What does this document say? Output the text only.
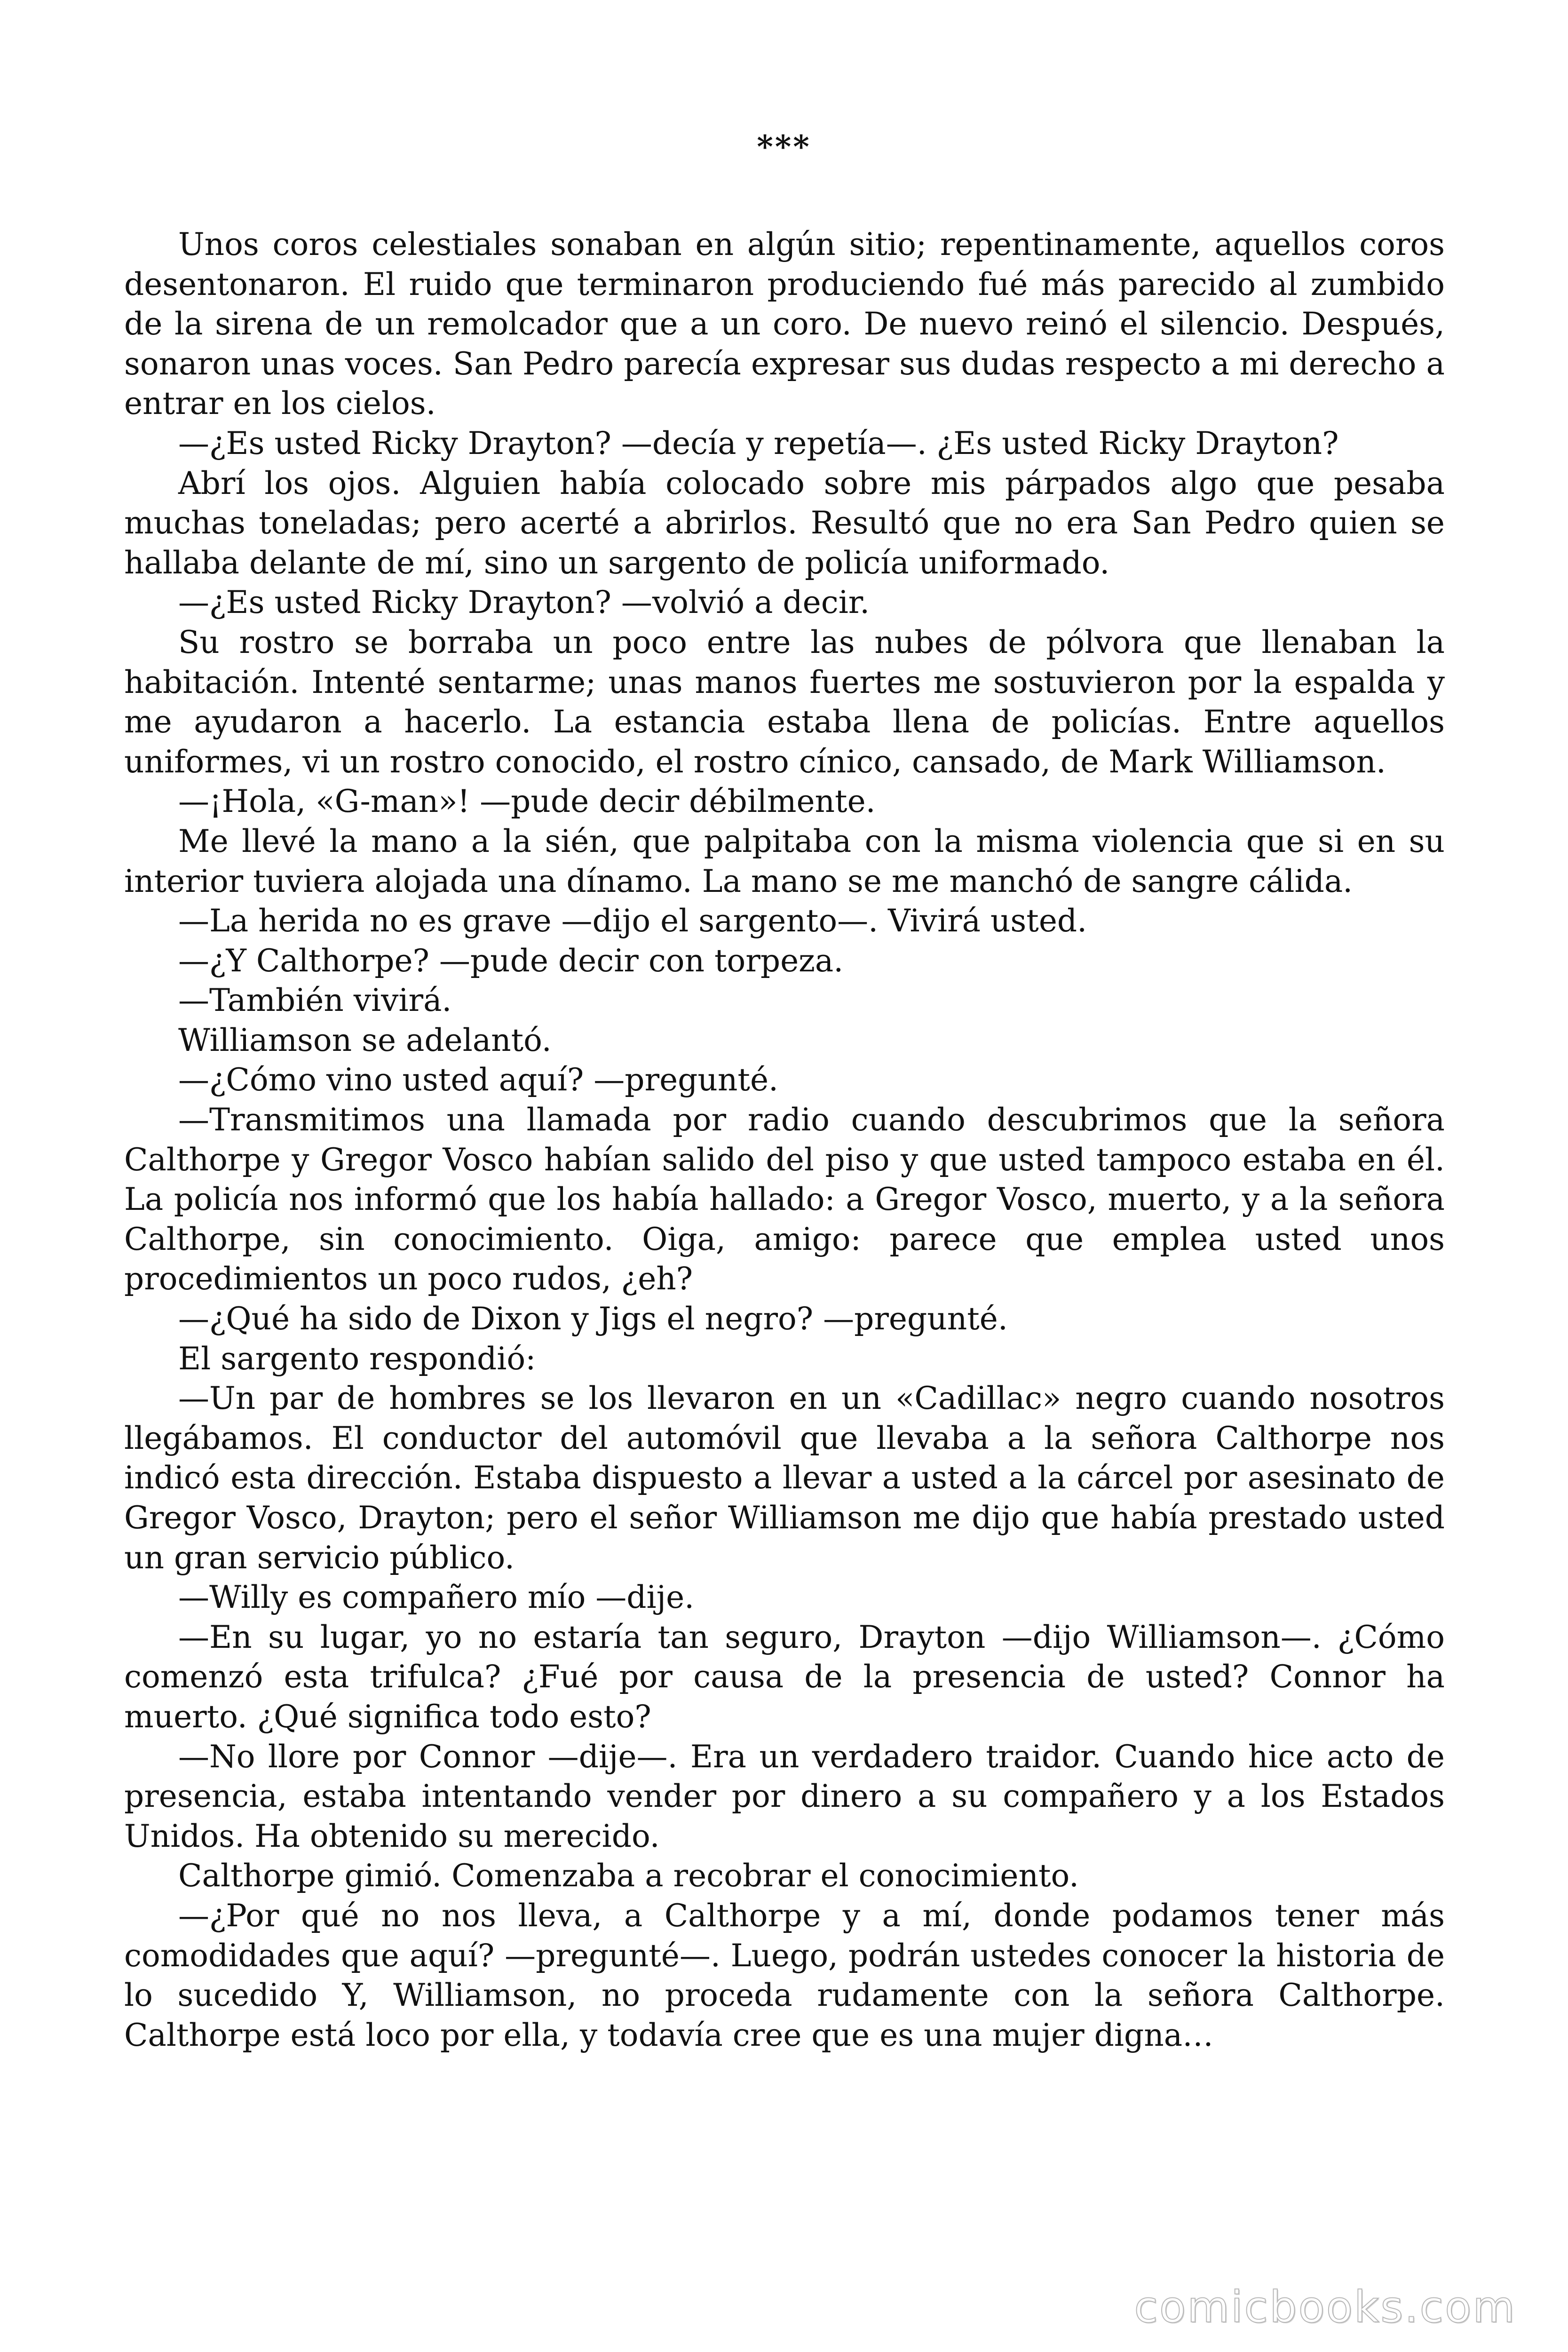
***

Unos coros celestiales sonaban en algún sitio; repentinamente, aquellos coros desentonaron. El ruido que terminaron produciendo fué más parecido al zumbido de la sirena de un remolcador que a un coro. De nuevo reinó el silencio. Después, sonaron unas voces. San Pedro parecía expresar sus dudas respecto a mi derecho a entrar en los cielos.

—¿Es usted Ricky Drayton? —decía y repetía—. ¿Es usted Ricky Drayton?

Abrí los ojos. Alguien había colocado sobre mis párpados algo que pesaba muchas toneladas; pero acerté a abrirlos. Resultó que no era San Pedro quien se hallaba delante de mí, sino un sargento de policía uniformado.

—¿Es usted Ricky Drayton? —volvió a decir.

Su rostro se borraba un poco entre las nubes de pólvora que llenaban la habitación. Intenté sentarme; unas manos fuertes me sostuvieron por la espalda y me ayudaron a hacerlo. La estancia estaba llena de policías. Entre aquellos uniformes, vi un rostro conocido, el rostro cínico, cansado, de Mark Williamson.

—¡Hola, «G-man»! —pude decir débilmente.

Me llevé la mano a la sién, que palpitaba con la misma violencia que si en su interior tuviera alojada una dínamo. La mano se me manchó de sangre cálida.

—La herida no es grave —dijo el sargento—. Vivirá usted.

—¿Y Calthorpe? —pude decir con torpeza.

—También vivirá.

Williamson se adelantó.

—¿Cómo vino usted aquí? —pregunté.

—Transmitimos una llamada por radio cuando descubrimos que la señora Calthorpe y Gregor Vosco habían salido del piso y que usted tampoco estaba en él. La policía nos informó que los había hallado: a Gregor Vosco, muerto, y a la señora Calthorpe, sin conocimiento. Oiga, amigo: parece que emplea usted unos procedimientos un poco rudos, ¿eh?

—¿Qué ha sido de Dixon y Jigs el negro? —pregunté.

El sargento respondió:

—Un par de hombres se los llevaron en un «Cadillac» negro cuando nosotros llegábamos. El conductor del automóvil que llevaba a la señora Calthorpe nos indicó esta dirección. Estaba dispuesto a llevar a usted a la cárcel por asesinato de Gregor Vosco, Drayton; pero el señor Williamson me dijo que había prestado usted un gran servicio público.

—Willy es compañero mío —dije.

—En su lugar, yo no estaría tan seguro, Drayton —dijo Williamson—. ¿Cómo comenzó esta trifulca? ¿Fué por causa de la presencia de usted? Connor ha muerto. ¿Qué significa todo esto?

—No llore por Connor —dije—. Era un verdadero traidor. Cuando hice acto de presencia, estaba intentando vender por dinero a su compañero y a los Estados Unidos. Ha obtenido su merecido.

Calthorpe gimió. Comenzaba a recobrar el conocimiento.

—¿Por qué no nos lleva, a Calthorpe y a mí, donde podamos tener más comodidades que aquí? —pregunté—. Luego, podrán ustedes conocer la historia de lo sucedido Y, Williamson, no proceda rudamente con la señora Calthorpe. Calthorpe está loco por ella, y todavía cree que es una mujer digna…

comicbooks.com
